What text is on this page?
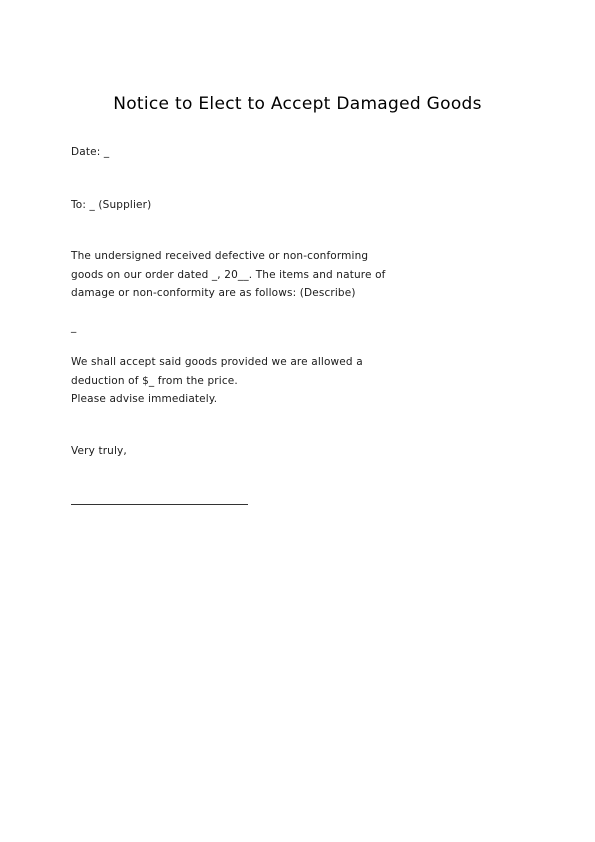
Notice to Elect to Accept Damaged Goods
Date: _
To: _ (Supplier)
The undersigned received defective or non-conforming
goods on our order dated _, 20__. The items and nature of
damage or non-conformity are as follows: (Describe)
_
We shall accept said goods provided we are allowed a
deduction of $_ from the price.
Please advise immediately.
Very truly,
